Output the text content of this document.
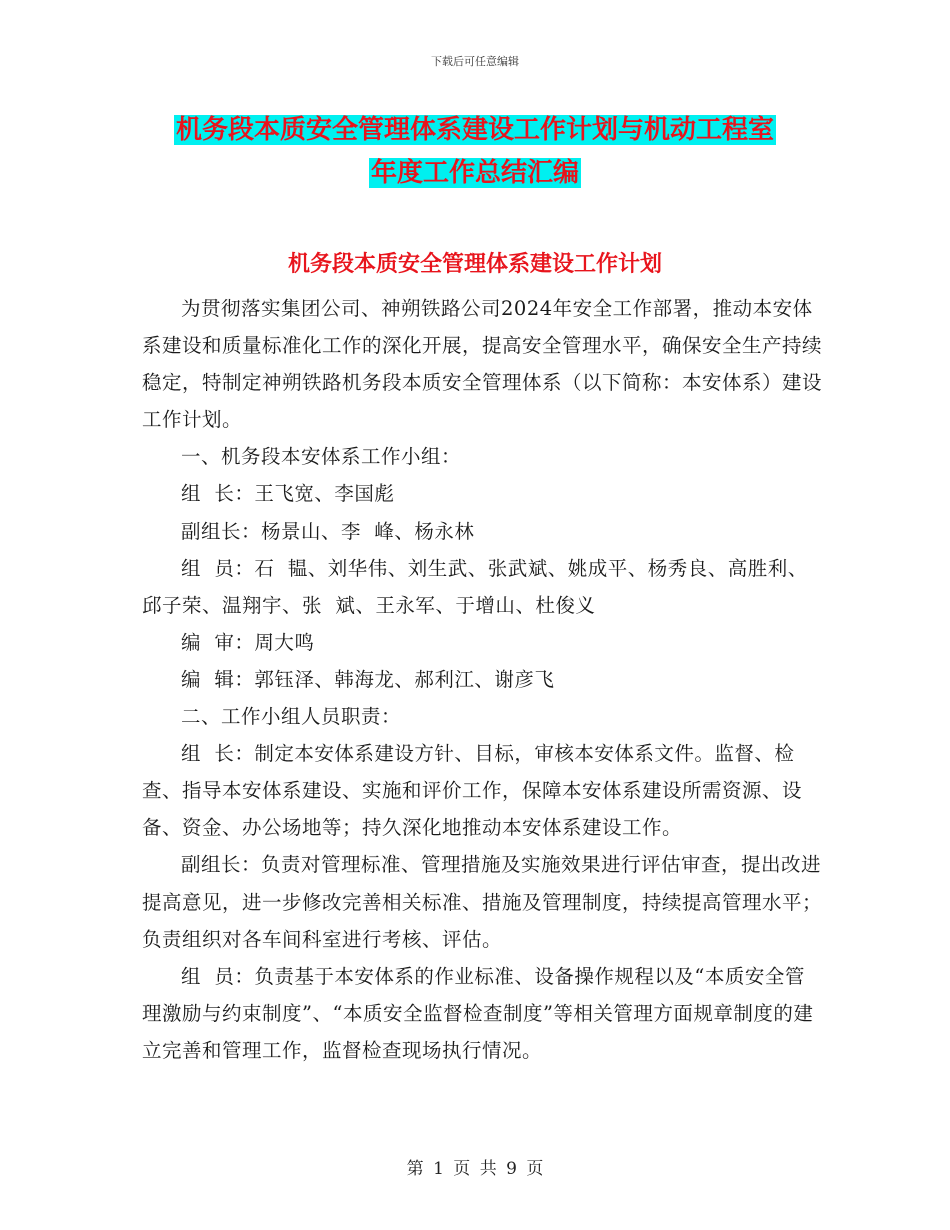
下载后可任意编辑
机务段本质安全管理体系建设工作计划与机动工程室
年度工作总结汇编
机务段本质安全管理体系建设工作计划

为贯彻落实集团公司、神朔铁路公司2024年安全工作部署，推动本安体系建设和质量标准化工作的深化开展，提高安全管理水平，确保安全生产持续稳定，特制定神朔铁路机务段本质安全管理体系（以下简称：本安体系）建设工作计划。

一、机务段本安体系工作小组：

组  长：王飞宽、李国彪

副组长：杨景山、李  峰、杨永林

组  员：石  韫、刘华伟、刘生武、张武斌、姚成平、杨秀良、高胜利、邱子荣、温翔宇、张  斌、王永军、于增山、杜俊义

编  审：周大鸣

编  辑：郭钰泽、韩海龙、郝利江、谢彦飞

二、工作小组人员职责：

组  长：制定本安体系建设方针、目标，审核本安体系文件。监督、检查、指导本安体系建设、实施和评价工作，保障本安体系建设所需资源、设备、资金、办公场地等；持久深化地推动本安体系建设工作。

副组长：负责对管理标准、管理措施及实施效果进行评估审查，提出改进提高意见，进一步修改完善相关标准、措施及管理制度，持续提高管理水平；负责组织对各车间科室进行考核、评估。

组  员：负责基于本安体系的作业标准、设备操作规程以及“本质安全管理激励与约束制度”、“本质安全监督检查制度”等相关管理方面规章制度的建立完善和管理工作，监督检查现场执行情况。

第 1 页 共 9 页
